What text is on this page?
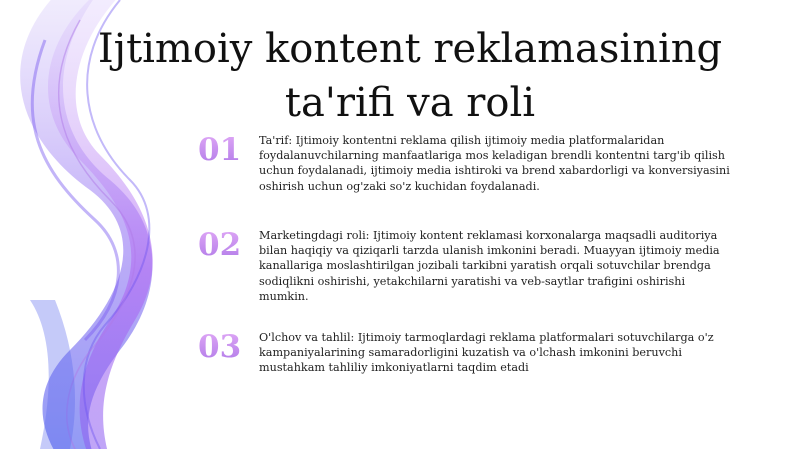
Ijtimoiy kontent reklamasining ta'rifi va roli
01	Ta'rif: Ijtimoiy kontentni reklama qilish ijtimoiy media platformalaridan foydalanuvchilarning manfaatlariga mos keladigan brendli kontentni targ'ib qilish uchun foydalanadi, ijtimoiy media ishtiroki va brend xabardorligi va konversiyasini oshirish uchun og'zaki so'z kuchidan foydalanadi.
02	Marketingdagi roli: Ijtimoiy kontent reklamasi korxonalarga maqsadli auditoriya bilan haqiqiy va qiziqarli tarzda ulanish imkonini beradi. Muayyan ijtimoiy media kanallariga moslashtirilgan jozibali tarkibni yaratish orqali sotuvchilar brendga sodiqlikni oshirishi, yetakchilarni yaratishi va veb-saytlar trafigini oshirishi mumkin.
03	O'lchov va tahlil: Ijtimoiy tarmoqlardagi reklama platformalari sotuvchilarga o'z kampaniyalarining samaradorligini kuzatish va o'lchash imkonini beruvchi mustahkam tahliliy imkoniyatlarni taqdim etadi
